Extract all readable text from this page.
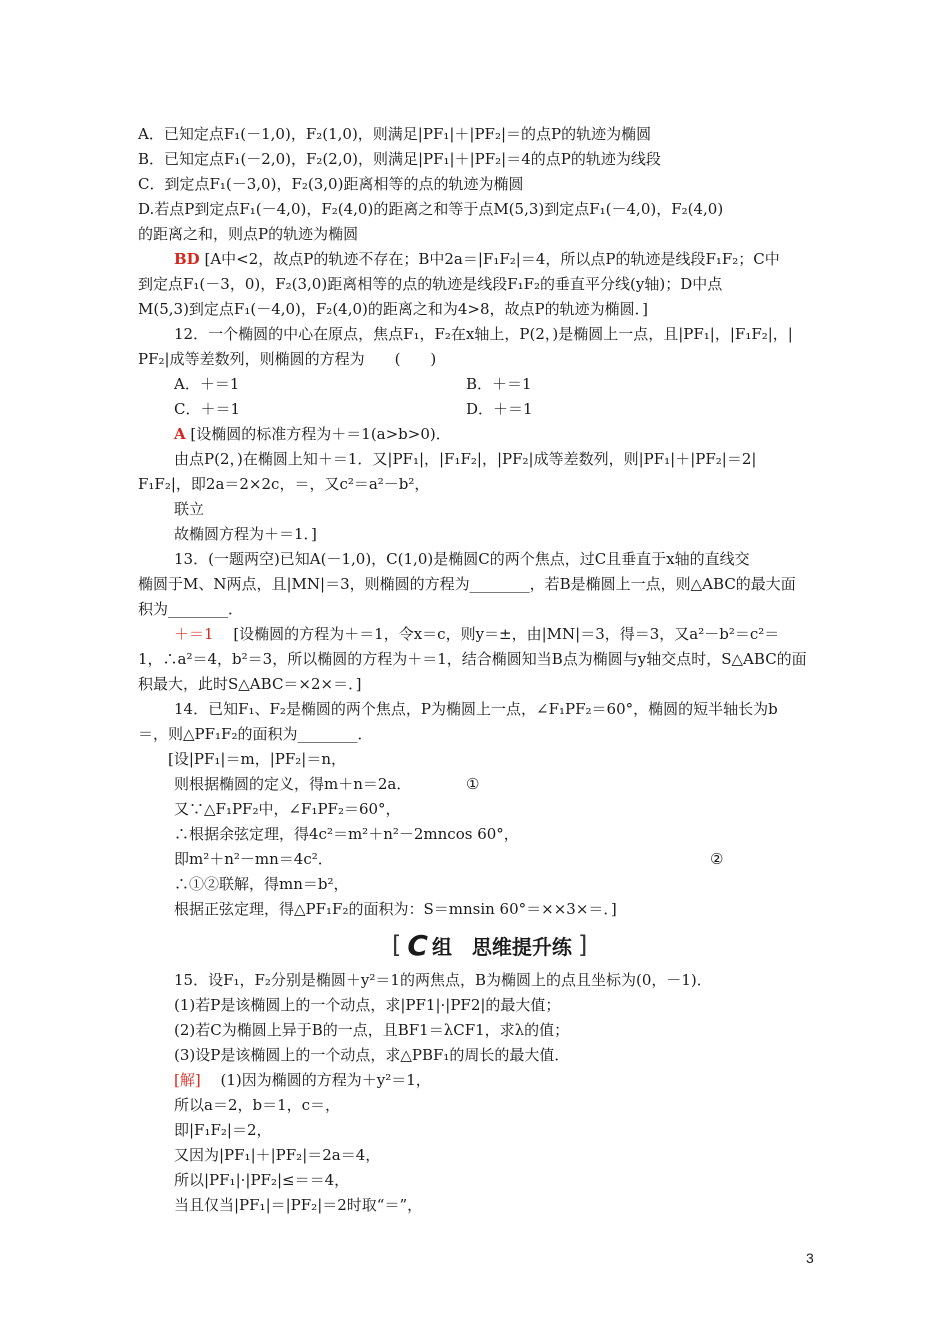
A．已知定点F₁(－1,0)，F₂(1,0)，则满足|PF₁|＋|PF₂|＝的点P的轨迹为椭圆
B．已知定点F₁(－2,0)，F₂(2,0)，则满足|PF₁|＋|PF₂|＝4的点P的轨迹为线段
C．到定点F₁(－3,0)，F₂(3,0)距离相等的点的轨迹为椭圆
D.若点P到定点F₁(－4,0)，F₂(4,0)的距离之和等于点M(5,3)到定点F₁(－4,0)，F₂(4,0)
的距离之和，则点P的轨迹为椭圆
BD [A中<2，故点P的轨迹不存在；B中2a＝|F₁F₂|＝4，所以点P的轨迹是线段F₁F₂；C中
到定点F₁(－3，0)，F₂(3,0)距离相等的点的轨迹是线段F₁F₂的垂直平分线(y轴)；D中点
M(5,3)到定点F₁(－4,0)，F₂(4,0)的距离之和为4>8，故点P的轨迹为椭圆．]
12．一个椭圆的中心在原点，焦点F₁，F₂在x轴上，P(2，)是椭圆上一点，且|PF₁|，|F₁F₂|，|
PF₂|成等差数列，则椭圆的方程为　　(　　)
A．＋＝1	B．＋＝1
C．＋＝1	D．＋＝1
A [设椭圆的标准方程为＋＝1(a>b>0)．
由点P(2，)在椭圆上知＋＝1．又|PF₁|，|F₁F₂|，|PF₂|成等差数列，则|PF₁|＋|PF₂|＝2|
F₁F₂|，即2a＝2×2c，＝，又c²＝a²－b²，
联立
故椭圆方程为＋＝1．]
13．(一题两空)已知A(－1,0)，C(1,0)是椭圆C的两个焦点，过C且垂直于x轴的直线交
椭圆于M、N两点，且|MN|＝3，则椭圆的方程为________，若B是椭圆上一点，则△ABC的最大面
积为________．
＋＝1　 [设椭圆的方程为＋＝1，令x＝c，则y＝±，由|MN|＝3，得＝3，又a²－b²＝c²＝
1，∴a²＝4，b²＝3，所以椭圆的方程为＋＝1，结合椭圆知当B点为椭圆与y轴交点时，S△ABC的面
积最大，此时S△ABC＝×2×＝．]
14．已知F₁、F₂是椭圆的两个焦点，P为椭圆上一点，∠F₁PF₂＝60°，椭圆的短半轴长为b
＝，则△PF₁F₂的面积为________．
[设|PF₁|＝m，|PF₂|＝n，
则根据椭圆的定义，得m＋n＝2a．	①
又∵△F₁PF₂中，∠F₁PF₂＝60°，
∴根据余弦定理，得4c²＝m²＋n²－2mncos 60°，
即m²＋n²－mn＝4c²．	②
∴①②联解，得mn＝b²，
根据正弦定理，得△PF₁F₂的面积为：S＝mnsin 60°＝××3×＝．]
[ C 组　思维提升练 ]
15．设F₁，F₂分别是椭圆＋y²＝1的两焦点，B为椭圆上的点且坐标为(0，－1)．
(1)若P是该椭圆上的一个动点，求|PF1|·|PF2|的最大值；
(2)若C为椭圆上异于B的一点，且BF1＝λCF1，求λ的值；
(3)设P是该椭圆上的一个动点，求△PBF₁的周长的最大值．
[解]　 (1)因为椭圆的方程为＋y²＝1，
所以a＝2，b＝1，c＝，
即|F₁F₂|＝2，
又因为|PF₁|＋|PF₂|＝2a＝4，
所以|PF₁|·|PF₂|≤＝＝4，
当且仅当|PF₁|＝|PF₂|＝2时取“＝”，
3
